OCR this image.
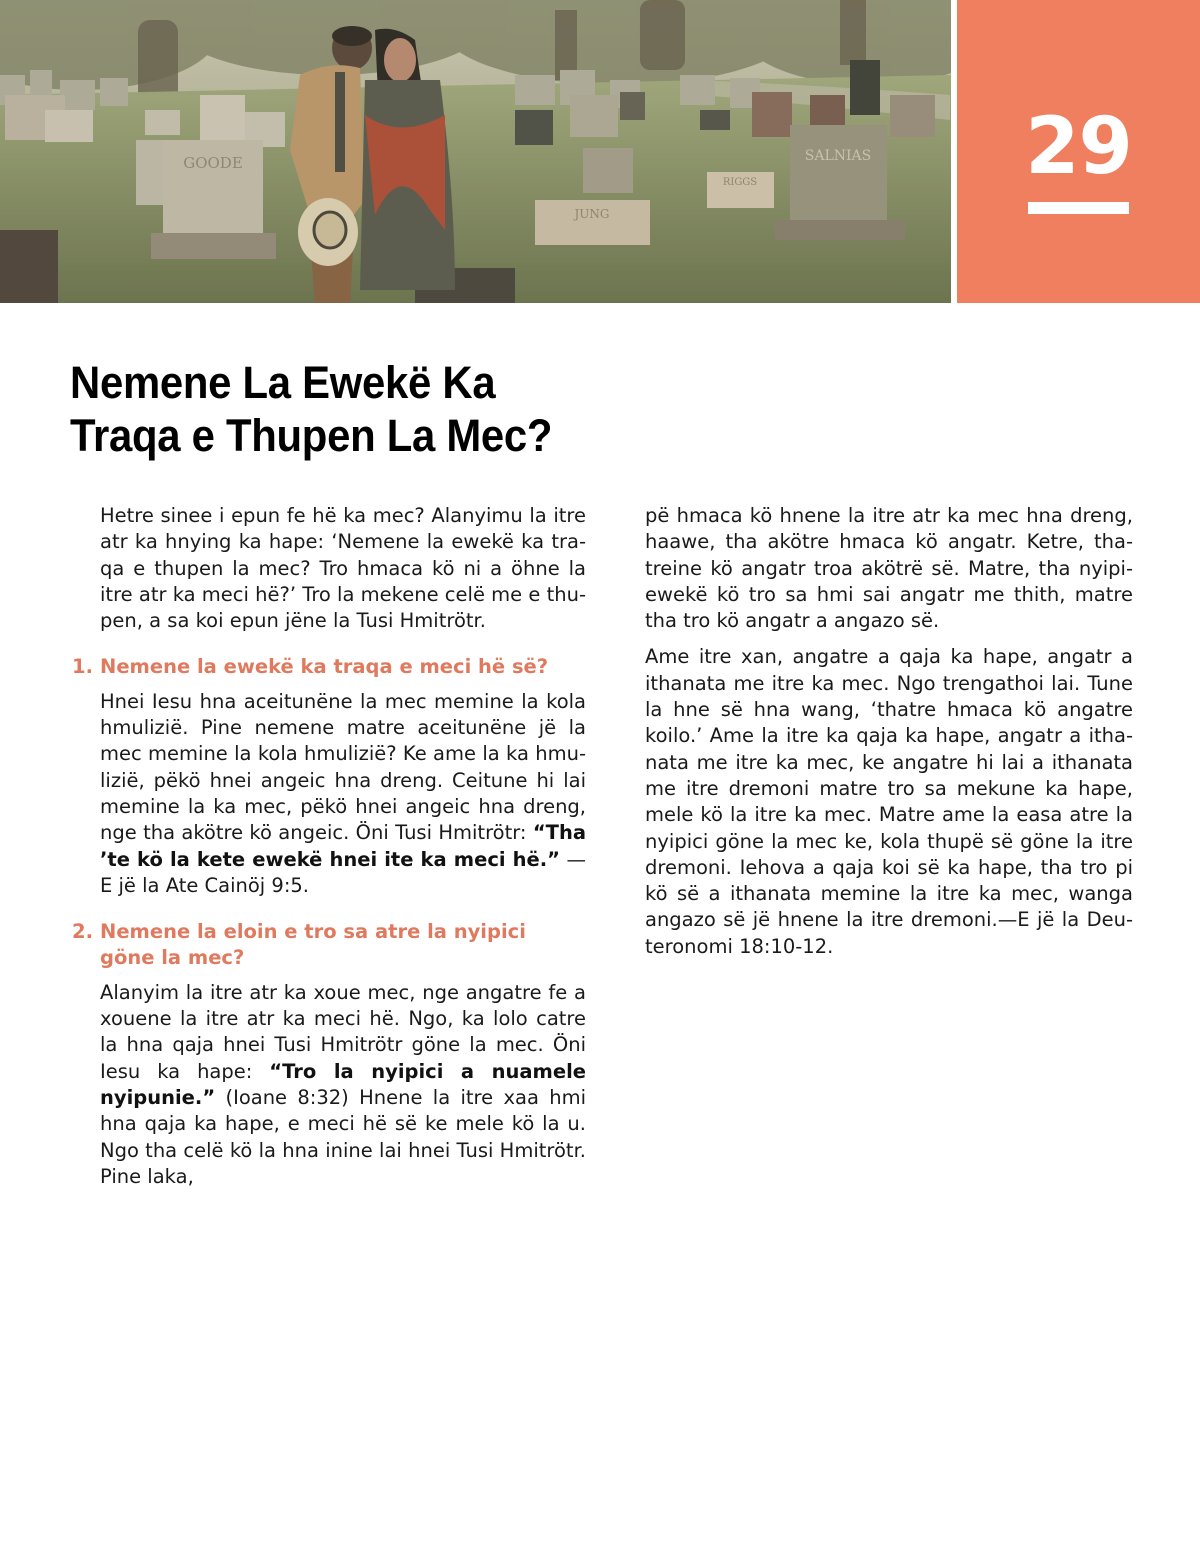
GOODE
JUNG
RIGGS
SALNIAS	29
Nemene La Ewekë Ka
Traqa e Thupen La Mec?

Hetre sinee i epun fe hë ka mec? Alanyimu la itre atr ka hnying ka hape: ‘Nemene la ewekë ka traqa e thupen la mec? Tro hmaca kö ni a öhne la itre atr ka meci hë?’ Tro la mekene celë me e thupen, a sa koi epun jëne la Tusi Hmitrötr.

1. Nemene la ewekë ka traqa e meci hë së?

Hnei Iesu hna aceitunëne la mec memine la kola hmulizië. Pine nemene matre aceitunëne jë la mec memine la kola hmulizië? Ke ame la ka hmulizië, pëkö hnei angeic hna dreng. Ceitune hi lai memine la ka mec, pëkö hnei angeic hna dreng, nge tha akötre kö angeic. Öni Tusi Hmitrötr: “Tha ’te kö la kete ewekë hnei ite ka meci hë.” —E jë la Ate Cainöj 9:5.

2. Nemene la eloin e tro sa atre la nyipici göne la mec?

Alanyim la itre atr ka xoue mec, nge angatre fe a xouene la itre atr ka meci hë. Ngo, ka lolo catre la hna qaja hnei Tusi Hmitrötr göne la mec. Öni Iesu ka hape: “Tro la nyipici a nuamele nyipunie.” (Ioane 8:32) Hnene la itre xaa hmi hna qaja ka hape, e meci hë së ke mele kö la u. Ngo tha celë kö la hna inine lai hnei Tusi Hmitrötr. Pine laka,

pë hmaca kö hnene la itre atr ka mec hna dreng, haawe, tha akötre hmaca kö angatr. Ketre, thatreine kö angatr troa akötrë së. Matre, tha nyipiewekë kö tro sa hmi sai angatr me thith, matre tha tro kö angatr a angazo së.

Ame itre xan, angatre a qaja ka hape, angatr a ithanata me itre ka mec. Ngo trengathoi lai. Tune la hne së hna wang, ‘thatre hmaca kö angatre koilo.’ Ame la itre ka qaja ka hape, angatr a ithanata me itre ka mec, ke angatre hi lai a ithanata me itre dremoni matre tro sa mekune ka hape, mele kö la itre ka mec. Matre ame la easa atre la nyipici göne la mec ke, kola thupë së göne la itre dremoni. Iehova a qaja koi së ka hape, tha tro pi kö së a ithanata memine la itre ka mec, wanga angazo së jë hnene la itre dremoni.—E jë la Deuteronomi 18:10-12.
